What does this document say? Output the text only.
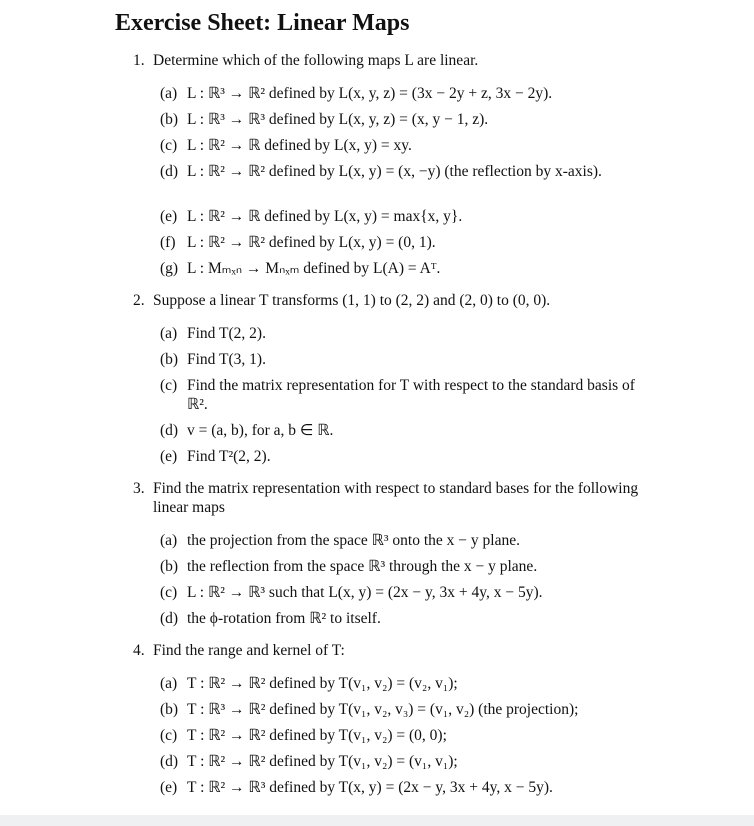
Exercise Sheet: Linear Maps
1. Determine which of the following maps L are linear.
(a) L : ℝ³ → ℝ² defined by L(x, y, z) = (3x − 2y + z, 3x − 2y).
(b) L : ℝ³ → ℝ³ defined by L(x, y, z) = (x, y − 1, z).
(c) L : ℝ² → ℝ defined by L(x, y) = xy.
(d) L : ℝ² → ℝ² defined by L(x, y) = (x, −y) (the reflection by x-axis).
(e) L : ℝ² → ℝ defined by L(x, y) = max{x, y}.
(f) L : ℝ² → ℝ² defined by L(x, y) = (0, 1).
(g) L : Mₘₓₙ → Mₙₓₘ defined by L(A) = Aᵀ.
2. Suppose a linear T transforms (1, 1) to (2, 2) and (2, 0) to (0, 0).
(a) Find T(2, 2).
(b) Find T(3, 1).
(c) Find the matrix representation for T with respect to the standard basis of ℝ².
(d) v = (a, b), for a, b ∈ ℝ.
(e) Find T²(2, 2).
3. Find the matrix representation with respect to standard bases for the following linear maps
(a) the projection from the space ℝ³ onto the x − y plane.
(b) the reflection from the space ℝ³ through the x − y plane.
(c) L : ℝ² → ℝ³ such that L(x, y) = (2x − y, 3x + 4y, x − 5y).
(d) the ϕ-rotation from ℝ² to itself.
4. Find the range and kernel of T:
(a) T : ℝ² → ℝ² defined by T(v₁, v₂) = (v₂, v₁);
(b) T : ℝ³ → ℝ² defined by T(v₁, v₂, v₃) = (v₁, v₂) (the projection);
(c) T : ℝ² → ℝ² defined by T(v₁, v₂) = (0, 0);
(d) T : ℝ² → ℝ² defined by T(v₁, v₂) = (v₁, v₁);
(e) T : ℝ² → ℝ³ defined by T(x, y) = (2x − y, 3x + 4y, x − 5y).
